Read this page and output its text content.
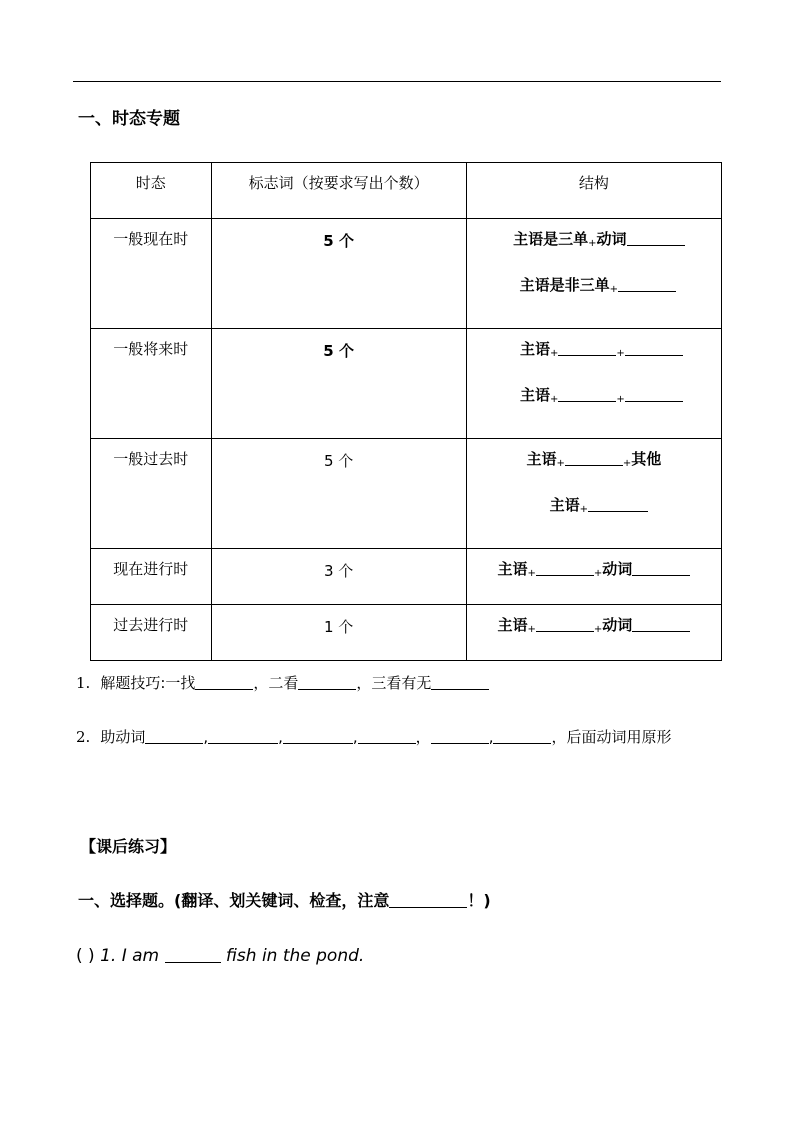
一、时态专题
时态	标志词（按要求写出个数）	结构

一般现在时	5 个	主语是三单+动词
主语是非三单+

一般将来时	5 个	主语+ +
主语+ +

一般过去时	5 个	主语+ +其他
主语+

现在进行时	3 个	主语+ +动词

过去进行时	1 个	主语+ +动词
1. 解题技巧:一找	，二看	，三看有无
2. 助动词	,	,	,	，	,	，后面动词用原形
【课后练习】
一、选择题。(翻译、划关键词、检查，注意	！)
( ) 1. I am	fish in the pond.
